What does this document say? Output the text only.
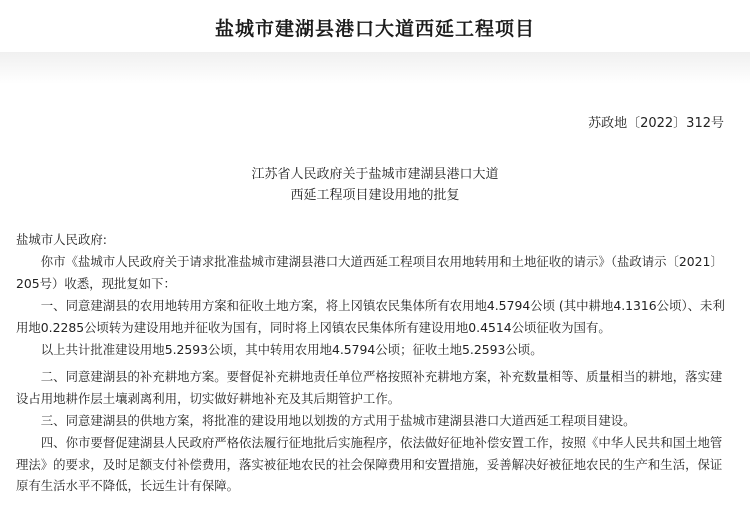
盐城市建湖县港口大道西延工程项目
苏政地〔2022〕312号
江苏省人民政府关于盐城市建湖县港口大道
西延工程项目建设用地的批复
盐城市人民政府:
你市《盐城市人民政府关于请求批准盐城市建湖县港口大道西延工程项目农用地转用和土地征收的请示》（盐政请示〔2021〕205号）收悉，现批复如下：
一、同意建湖县的农用地转用方案和征收土地方案，将上冈镇农民集体所有农用地4.5794公顷 (其中耕地4.1316公顷）、未利用地0.2285公顷转为建设用地并征收为国有，同时将上冈镇农民集体所有建设用地0.4514公顷征收为国有。
以上共计批准建设用地5.2593公顷，其中转用农用地4.5794公顷；征收土地5.2593公顷。
二、同意建湖县的补充耕地方案。要督促补充耕地责任单位严格按照补充耕地方案，补充数量相等、质量相当的耕地，落实建设占用地耕作层土壤剥离利用，切实做好耕地补充及其后期管护工作。
三、同意建湖县的供地方案，将批准的建设用地以划拨的方式用于盐城市建湖县港口大道西延工程项目建设。
四、你市要督促建湖县人民政府严格依法履行征地批后实施程序，依法做好征地补偿安置工作，按照《中华人民共和国土地管理法》的要求，及时足额支付补偿费用，落实被征地农民的社会保障费用和安置措施，妥善解决好被征地农民的生产和生活，保证原有生活水平不降低，长远生计有保障。
